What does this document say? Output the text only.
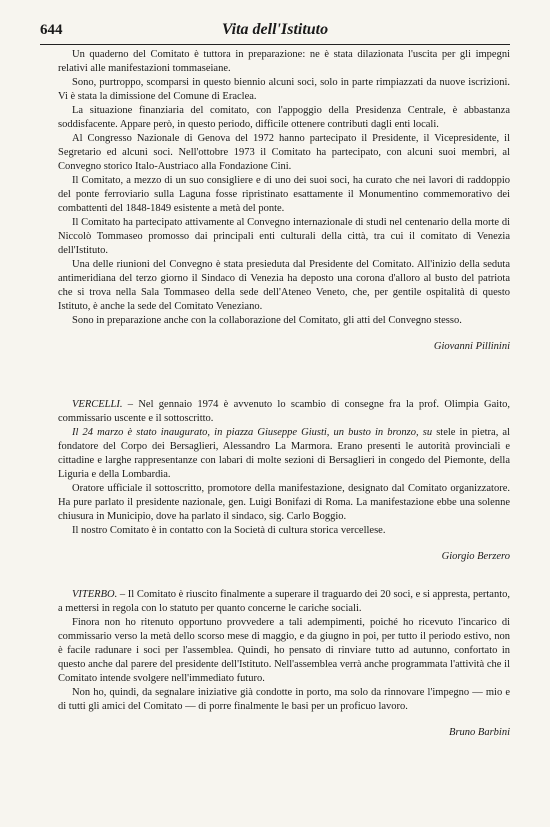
644	Vita dell'Istituto

Un quaderno del Comitato è tuttora in preparazione: ne è stata dilazionata l'uscita per gli impegni relativi alle manifestazioni tommaseiane.

Sono, purtroppo, scomparsi in questo biennio alcuni soci, solo in parte rimpiazzati da nuove iscrizioni. Vi è stata la dimissione del Comune di Eraclea.

La situazione finanziaria del comitato, con l'appoggio della Presidenza Centrale, è abbastanza soddisfacente. Appare però, in questo periodo, difficile ottenere contributi dagli enti locali.

Al Congresso Nazionale di Genova del 1972 hanno partecipato il Presidente, il Vicepresidente, il Segretario ed alcuni soci. Nell'ottobre 1973 il Comitato ha partecipato, con alcuni suoi membri, al Convegno storico Italo-Austriaco alla Fondazione Cini.

Il Comitato, a mezzo di un suo consigliere e di uno dei suoi soci, ha curato che nei lavori di raddoppio del ponte ferroviario sulla Laguna fosse ripristinato esattamente il Monumentino commemorativo dei combattenti del 1848-1849 esistente a metà del ponte.

Il Comitato ha partecipato attivamente al Convegno internazionale di studi nel centenario della morte di Niccolò Tommaseo promosso dai principali enti culturali della città, tra cui il comitato di Venezia dell'Istituto.

Una delle riunioni del Convegno è stata presieduta dal Presidente del Comitato. All'inizio della seduta antimeridiana del terzo giorno il Sindaco di Venezia ha deposto una corona d'alloro al busto del patriota che si trova nella Sala Tommaseo della sede dell'Ateneo Veneto, che, per gentile ospitalità di questo Istituto, è anche la sede del Comitato Veneziano.

Sono in preparazione anche con la collaborazione del Comitato, gli atti del Convegno stesso.

Giovanni Pillinini

VERCELLI. – Nel gennaio 1974 è avvenuto lo scambio di consegne fra la prof. Olimpia Gaito, commissario uscente e il sottoscritto.

Il 24 marzo è stato inaugurato, in piazza Giuseppe Giusti, un busto in bronzo, su stele in pietra, al fondatore del Corpo dei Bersaglieri, Alessandro La Marmora. Erano presenti le autorità provinciali e cittadine e larghe rappresentanze con labari di molte sezioni di Bersaglieri in congedo del Piemonte, della Liguria e della Lombardia.

Oratore ufficiale il sottoscritto, promotore della manifestazione, designato dal Comitato organizzatore. Ha pure parlato il presidente nazionale, gen. Luigi Bonifazi di Roma. La manifestazione ebbe una solenne chiusura in Municipio, dove ha parlato il sindaco, sig. Carlo Boggio.

Il nostro Comitato è in contatto con la Società di cultura storica vercellese.

Giorgio Berzero

VITERBO. – Il Comitato è riuscito finalmente a superare il traguardo dei 20 soci, e si appresta, pertanto, a mettersi in regola con lo statuto per quanto concerne le cariche sociali.

Finora non ho ritenuto opportuno provvedere a tali adempimenti, poiché ho ricevuto l'incarico di commissario verso la metà dello scorso mese di maggio, e da giugno in poi, per tutto il periodo estivo, non è facile radunare i soci per l'assemblea. Quindi, ho pensato di rinviare tutto ad autunno, confortato in questo anche dal parere del presidente dell'Istituto. Nell'assemblea verrà anche programmata l'attività che il Comitato intende svolgere nell'immediato futuro.

Non ho, quindi, da segnalare iniziative già condotte in porto, ma solo da rinnovare l'impegno — mio e di tutti gli amici del Comitato — di porre finalmente le basi per un proficuo lavoro.

Bruno Barbini
